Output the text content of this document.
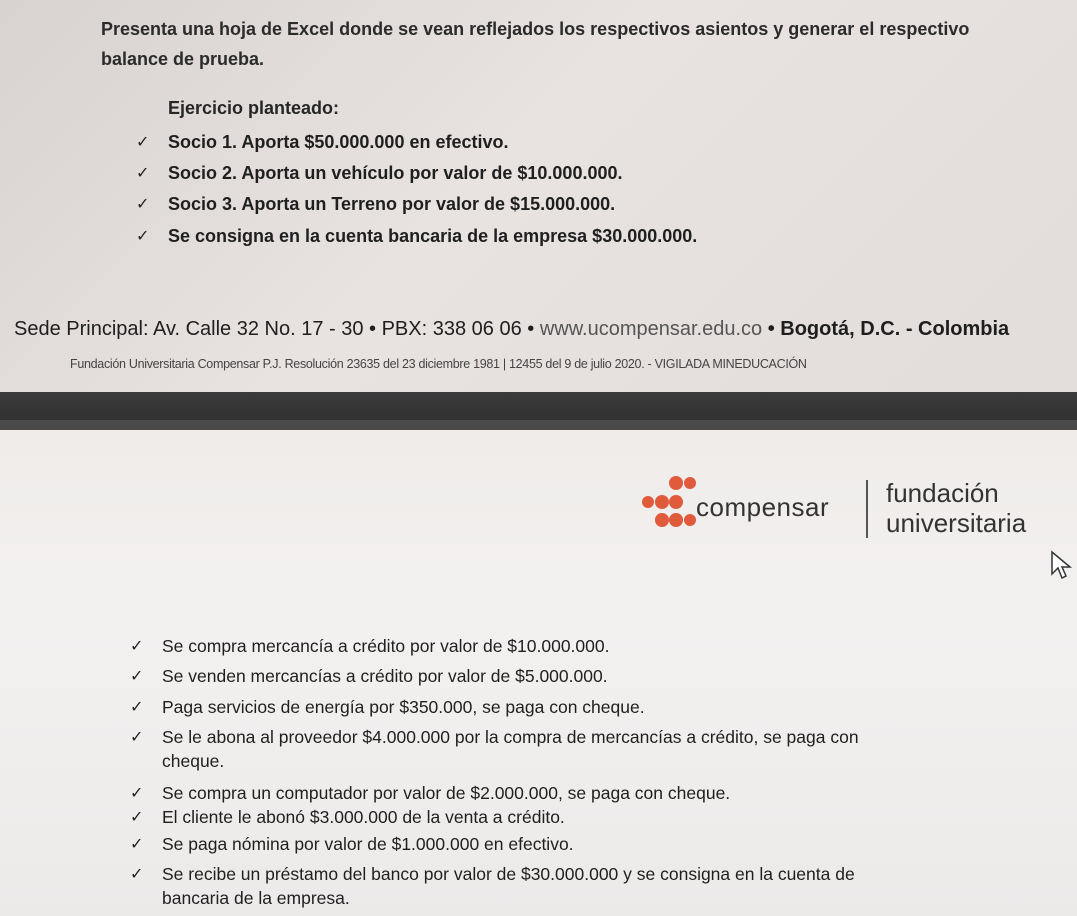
Presenta una hoja de Excel donde se vean reflejados los respectivos asientos y generar el respectivo
balance de prueba.
Ejercicio planteado:
✓ Socio 1. Aporta $50.000.000 en efectivo.
✓ Socio 2. Aporta un vehículo por valor de $10.000.000.
✓ Socio 3. Aporta un Terreno por valor de $15.000.000.
✓ Se consigna en la cuenta bancaria de la empresa $30.000.000.
Sede Principal: Av. Calle 32 No. 17 - 30 • PBX: 338 06 06 • www.ucompensar.edu.co • Bogotá, D.C. - Colombia
Fundación Universitaria Compensar P.J. Resolución 23635 del 23 diciembre 1981 | 12455 del 9 de julio 2020. - VIGILADA MINEDUCACIÓN
compensar fundación
universitaria
✓ Se compra mercancía a crédito por valor de $10.000.000.
✓ Se venden mercancías a crédito por valor de $5.000.000.
✓ Paga servicios de energía por $350.000, se paga con cheque.
✓ Se le abona al proveedor $4.000.000 por la compra de mercancías a crédito, se paga con
cheque.
✓ Se compra un computador por valor de $2.000.000, se paga con cheque.
✓ El cliente le abonó $3.000.000 de la venta a crédito.
✓ Se paga nómina por valor de $1.000.000 en efectivo.
✓ Se recibe un préstamo del banco por valor de $30.000.000 y se consigna en la cuenta de
bancaria de la empresa.
